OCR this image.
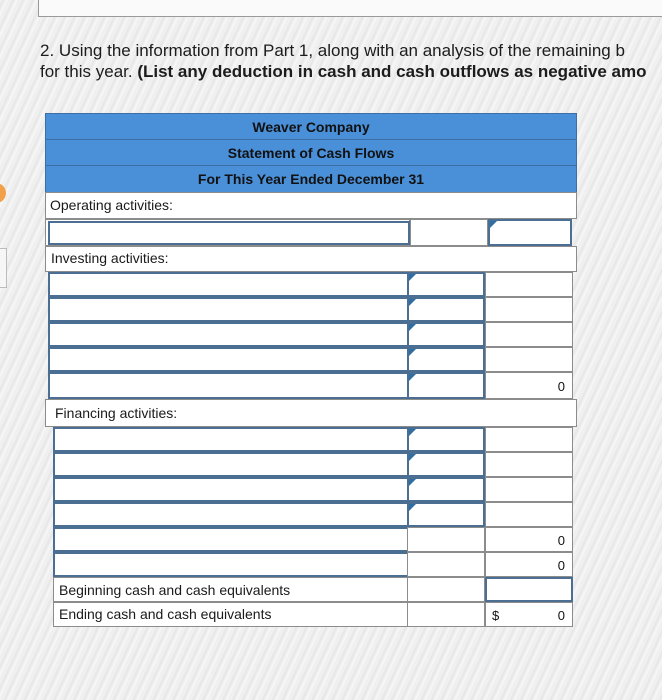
2. Using the information from Part 1, along with an analysis of the remaining b
for this year. (List any deduction in cash and cash outflows as negative amo
Weaver Company
Statement of Cash Flows
For This Year Ended December 31
Operating activities:
Investing activities:
0
Financing activities:
0
0
Beginning cash and cash equivalents
Ending cash and cash equivalents	$	0
